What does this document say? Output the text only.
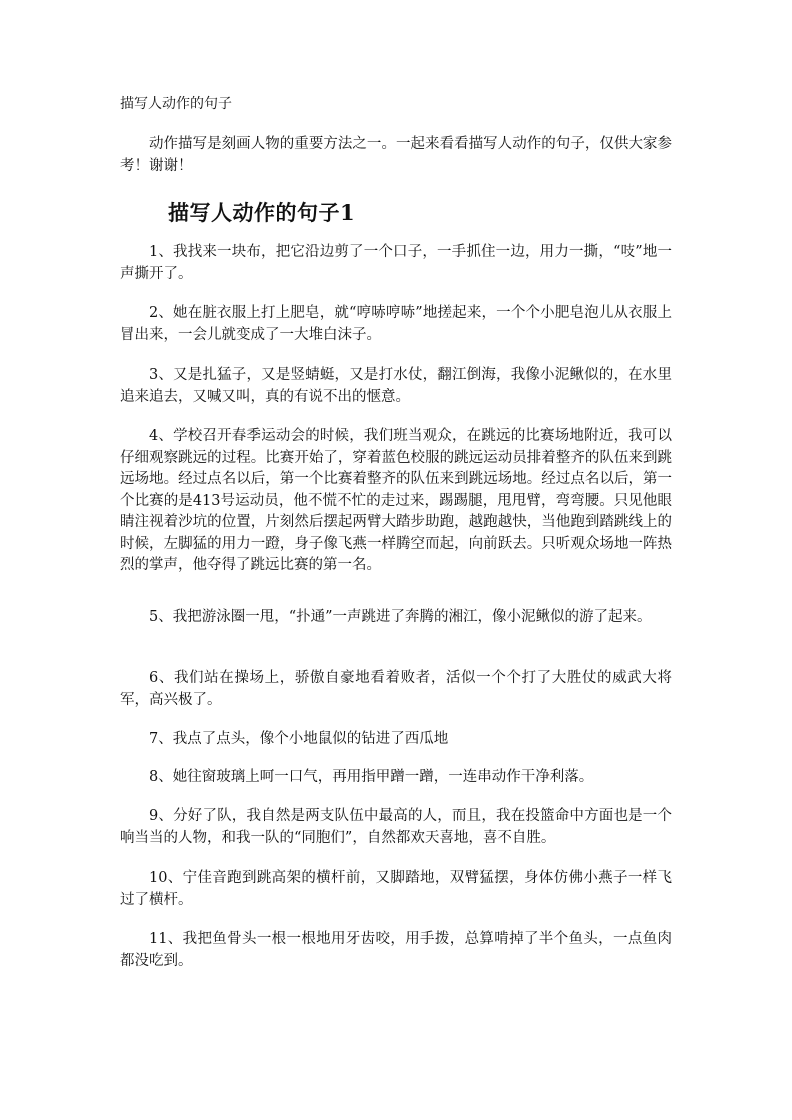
描写人动作的句子

动作描写是刻画人物的重要方法之一。一起来看看描写人动作的句子，仅供大家参考！谢谢！

描写人动作的句子1

1、我找来一块布，把它沿边剪了一个口子，一手抓住一边，用力一撕，“吱”地一声撕开了。

2、她在脏衣服上打上肥皂，就“哼哧哼哧”地搓起来，一个个小肥皂泡儿从衣服上冒出来，一会儿就变成了一大堆白沫子。

3、又是扎猛子，又是竖蜻蜓，又是打水仗，翻江倒海，我像小泥鳅似的，在水里追来追去，又喊又叫，真的有说不出的惬意。

4、学校召开春季运动会的时候，我们班当观众，在跳远的比赛场地附近，我可以仔细观察跳远的过程。比赛开始了，穿着蓝色校服的跳远运动员排着整齐的队伍来到跳远场地。经过点名以后，第一个比赛着整齐的队伍来到跳远场地。经过点名以后，第一个比赛的是413号运动员，他不慌不忙的走过来，踢踢腿，甩甩臂，弯弯腰。只见他眼睛注视着沙坑的位置，片刻然后摆起两臂大踏步助跑，越跑越快，当他跑到踏跳线上的时候，左脚猛的用力一蹬，身子像飞燕一样腾空而起，向前跃去。只听观众场地一阵热烈的掌声，他夺得了跳远比赛的第一名。

5、我把游泳圈一甩，“扑通”一声跳进了奔腾的湘江，像小泥鳅似的游了起来。

6、我们站在操场上，骄傲自豪地看着败者，活似一个个打了大胜仗的威武大将军，高兴极了。

7、我点了点头，像个小地鼠似的钻进了西瓜地

8、她往窗玻璃上呵一口气，再用指甲蹭一蹭，一连串动作干净利落。

9、分好了队，我自然是两支队伍中最高的人，而且，我在投篮命中方面也是一个响当当的人物，和我一队的“同胞们”，自然都欢天喜地，喜不自胜。

10、宁佳音跑到跳高架的横杆前，又脚踏地，双臂猛摆，身体仿佛小燕子一样飞过了横杆。

11、我把鱼骨头一根一根地用牙齿咬，用手拨，总算啃掉了半个鱼头，一点鱼肉都没吃到。
